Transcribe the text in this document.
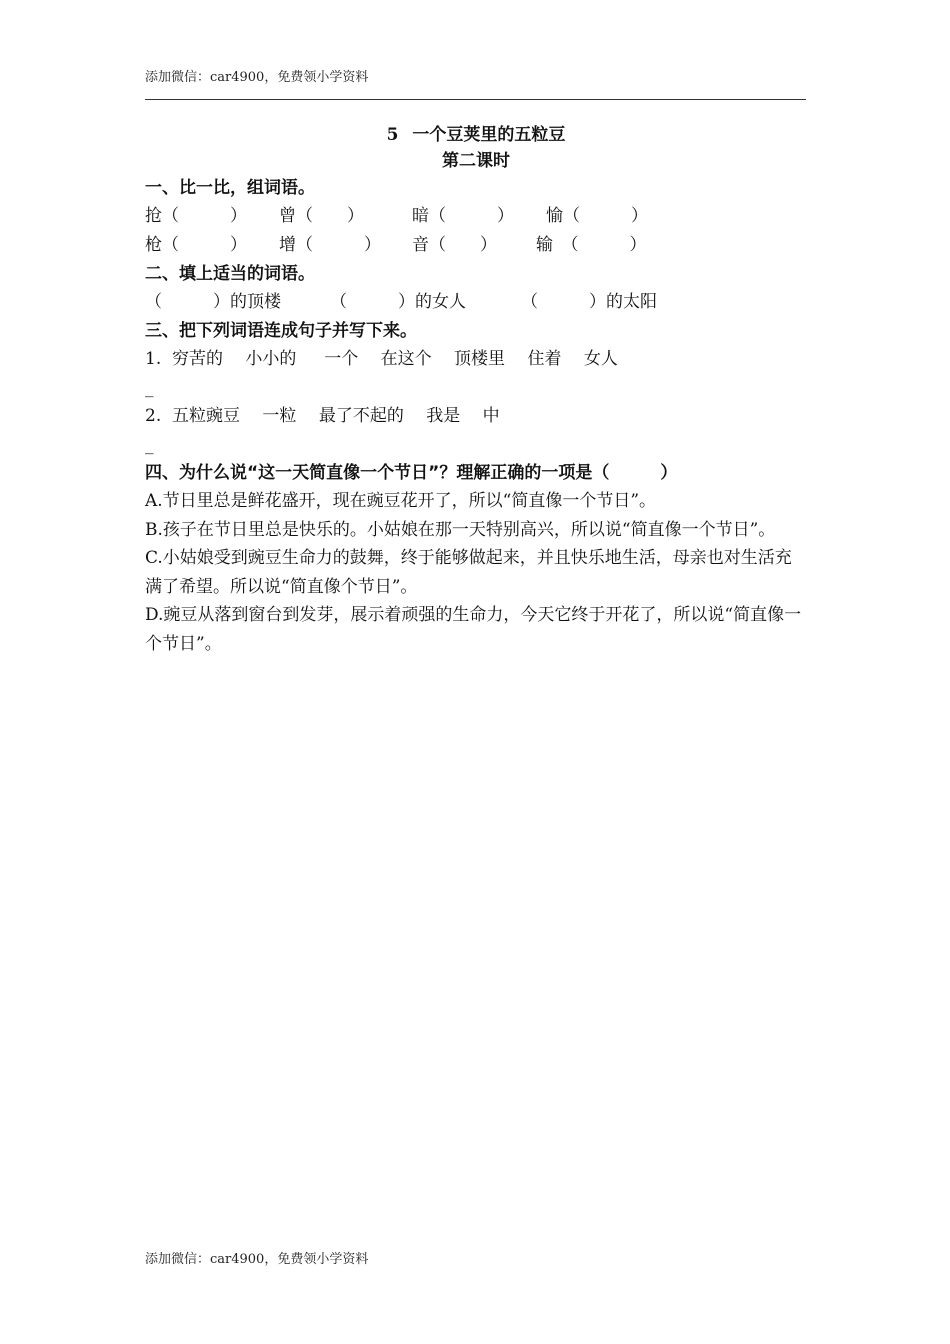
添加微信：car4900，免费领小学资料
5 一个豆荚里的五粒豆
第二课时
一、比一比，组词语。
抢（　　　） 曾（　　）	暗（　　　） 愉（　　　）
枪（　　　） 增（　　　） 音（　　） 输　（　　　）
二、填上适当的词语。
（　　　）的顶楼	（　　　）的女人	（　　　）的太阳
三、把下列词语连成句子并写下来。
1.  穷苦的　 小小的　  一个　 在这个　 顶楼里　 住着　 女人
_
2.  五粒豌豆　 一粒　 最了不起的　 我是　 中
_
四、为什么说“这一天简直像一个节日”？理解正确的一项是（　　　）
A.节日里总是鲜花盛开，现在豌豆花开了，所以“简直像一个节日”。
B.孩子在节日里总是快乐的。小姑娘在那一天特别高兴，所以说“简直像一个节日”。
C.小姑娘受到豌豆生命力的鼓舞，终于能够做起来，并且快乐地生活，母亲也对生活充满了希望。所以说“简直像个节日”。
D.豌豆从落到窗台到发芽，展示着顽强的生命力，今天它终于开花了，所以说“简直像一个节日”。
添加微信：car4900，免费领小学资料
